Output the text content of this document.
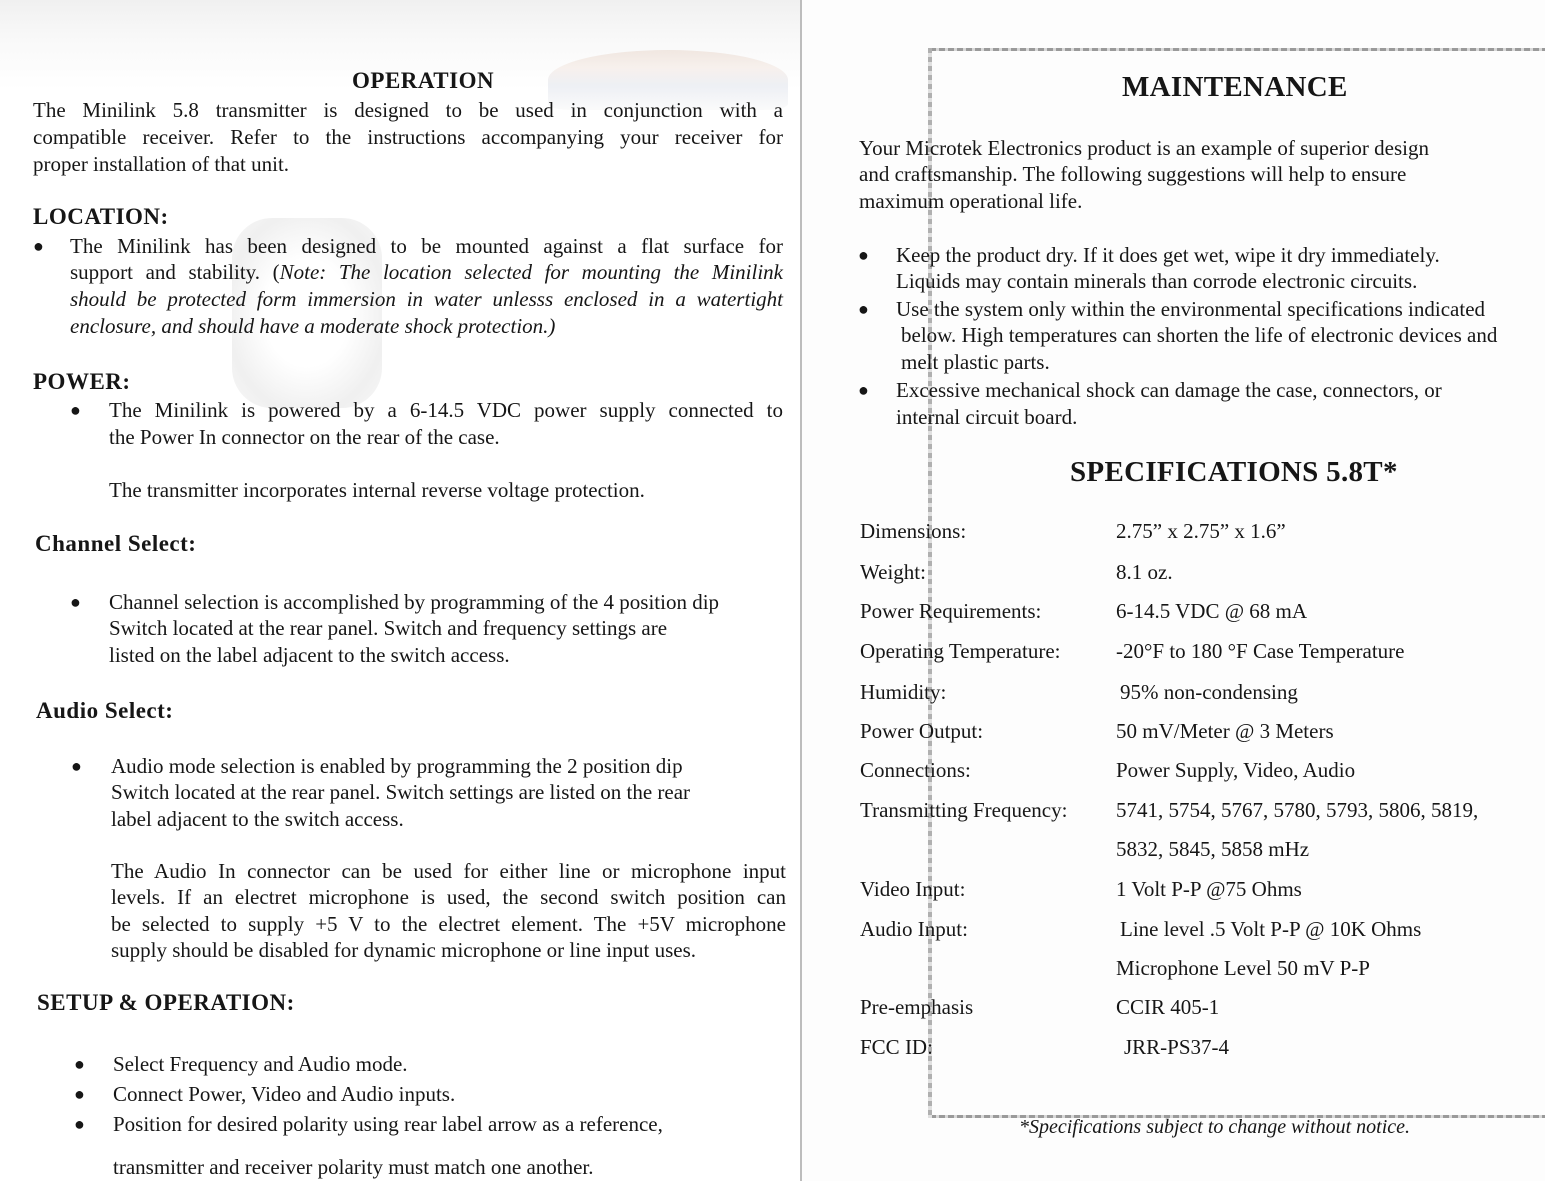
OPERATION
The Minilink 5.8 transmitter is designed to be used in conjunction with a
compatible receiver. Refer to the instructions accompanying your receiver for
proper installation of that unit.
LOCATION:
● The Minilink has been designed to be mounted against a flat surface for
support and stability. (Note: The location selected for mounting the Minilink
should be protected form immersion in water unlesss enclosed in a watertight
enclosure, and should have a moderate shock protection.)
POWER:
● The Minilink is powered by a 6-14.5 VDC power supply connected to
the Power In connector on the rear of the case.
The transmitter incorporates internal reverse voltage protection.
Channel Select:
● Channel selection is accomplished by programming of the 4 position dip
Switch located at the rear panel. Switch and frequency settings are
listed on the label adjacent to the switch access.
Audio Select:
● Audio mode selection is enabled by programming the 2 position dip
Switch located at the rear panel. Switch settings are listed on the rear
label adjacent to the switch access.
The Audio In connector can be used for either line or microphone input
levels. If an electret microphone is used, the second switch position can
be selected to supply +5 V to the electret element. The +5V microphone
supply should be disabled for dynamic microphone or line input uses.
SETUP & OPERATION:
● Select Frequency and Audio mode.
● Connect Power, Video and Audio inputs.
● Position for desired polarity using rear label arrow as a reference,
transmitter and receiver polarity must match one another.
MAINTENANCE
Your Microtek Electronics product is an example of superior design
and craftsmanship. The following suggestions will help to ensure
maximum operational life.
● Keep the product dry. If it does get wet, wipe it dry immediately.
Liquids may contain minerals than corrode electronic circuits.
● Use the system only within the environmental specifications indicated
below. High temperatures can shorten the life of electronic devices and
melt plastic parts.
● Excessive mechanical shock can damage the case, connectors, or
internal circuit board.
SPECIFICATIONS 5.8T*
Dimensions:	2.75” x 2.75” x 1.6”
Weight:	8.1 oz.
Power Requirements:	6-14.5 VDC @ 68 mA
Operating Temperature:	-20°F to 180 °F Case Temperature
Humidity:	95% non-condensing
Power Output:	50 mV/Meter @ 3 Meters
Connections:	Power Supply, Video, Audio
Transmitting Frequency: 5741, 5754, 5767, 5780, 5793, 5806, 5819,
5832, 5845, 5858 mHz
Video Input:	1 Volt P-P @75 Ohms
Audio Input:	Line level .5 Volt P-P @ 10K Ohms
Microphone Level 50 mV P-P
Pre-emphasis	CCIR 405-1
FCC ID:	JRR-PS37-4
*Specifications subject to change without notice.
